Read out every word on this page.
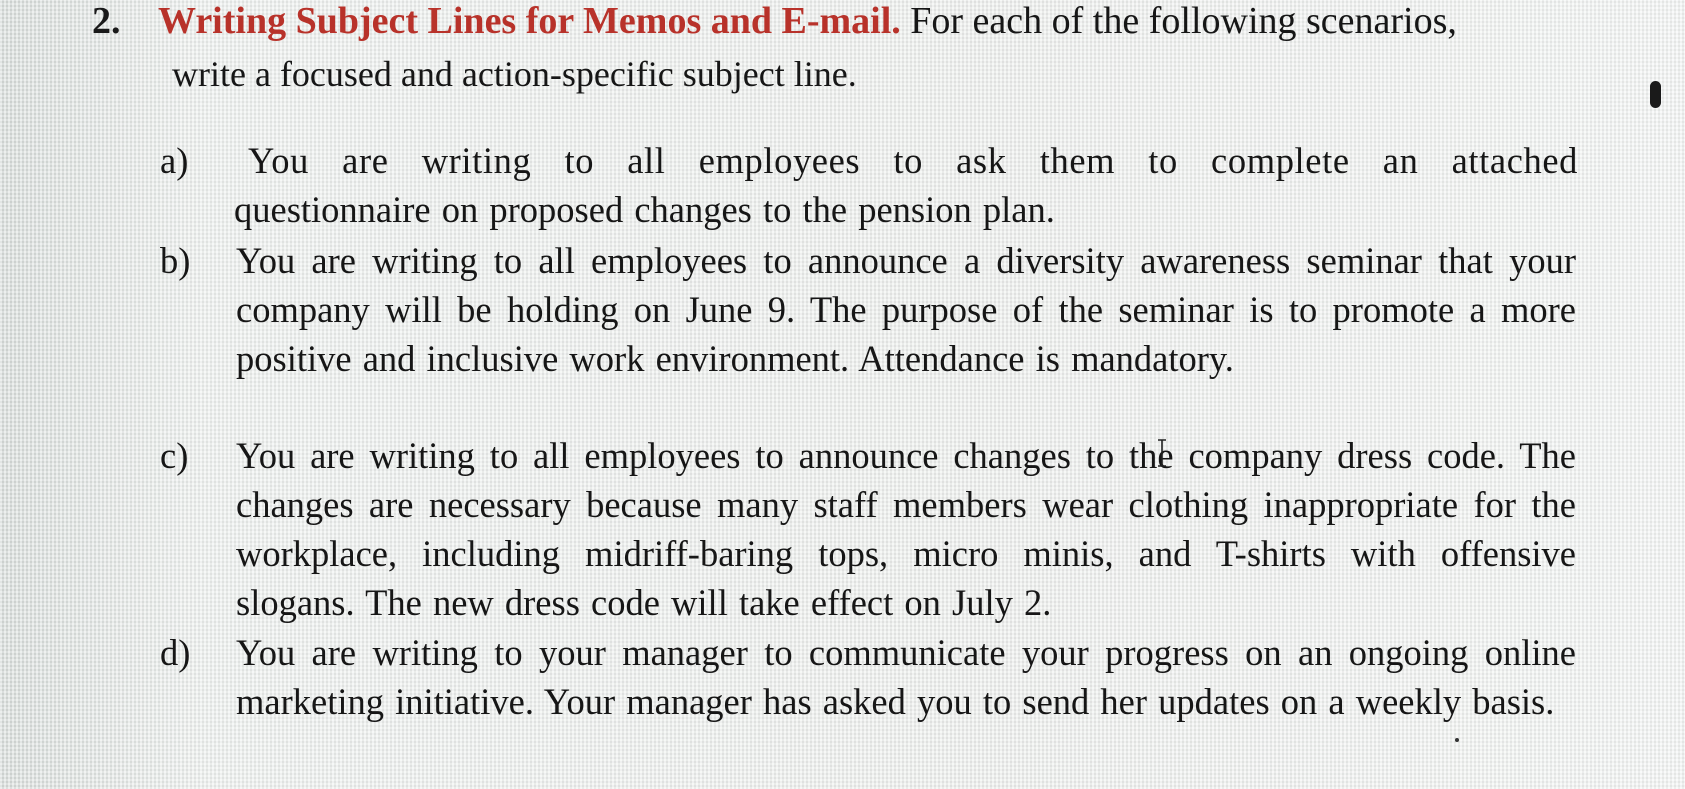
2. Writing Subject Lines for Memos and E-mail. For each of the following scenarios,
write a focused and action-specific subject line.
a)	You are writing to all employees to ask them to complete an attached
questionnaire on proposed changes to the pension plan.
b)	You are writing to all employees to announce a diversity awareness seminar that your company will be holding on June 9. The purpose of the seminar is to promote a more positive and inclusive work environment. Attendance is mandatory.
c)	You are writing to all employees to announce changes to the company dress code. The changes are necessary because many staff members wear clothing inappropriate for the workplace, including midriff-baring tops, micro minis, and T-shirts with offensive slogans. The new dress code will take effect on July 2.
d)	You are writing to your manager to communicate your progress on an ongoing online marketing initiative. Your manager has asked you to send her updates on a weekly basis.
